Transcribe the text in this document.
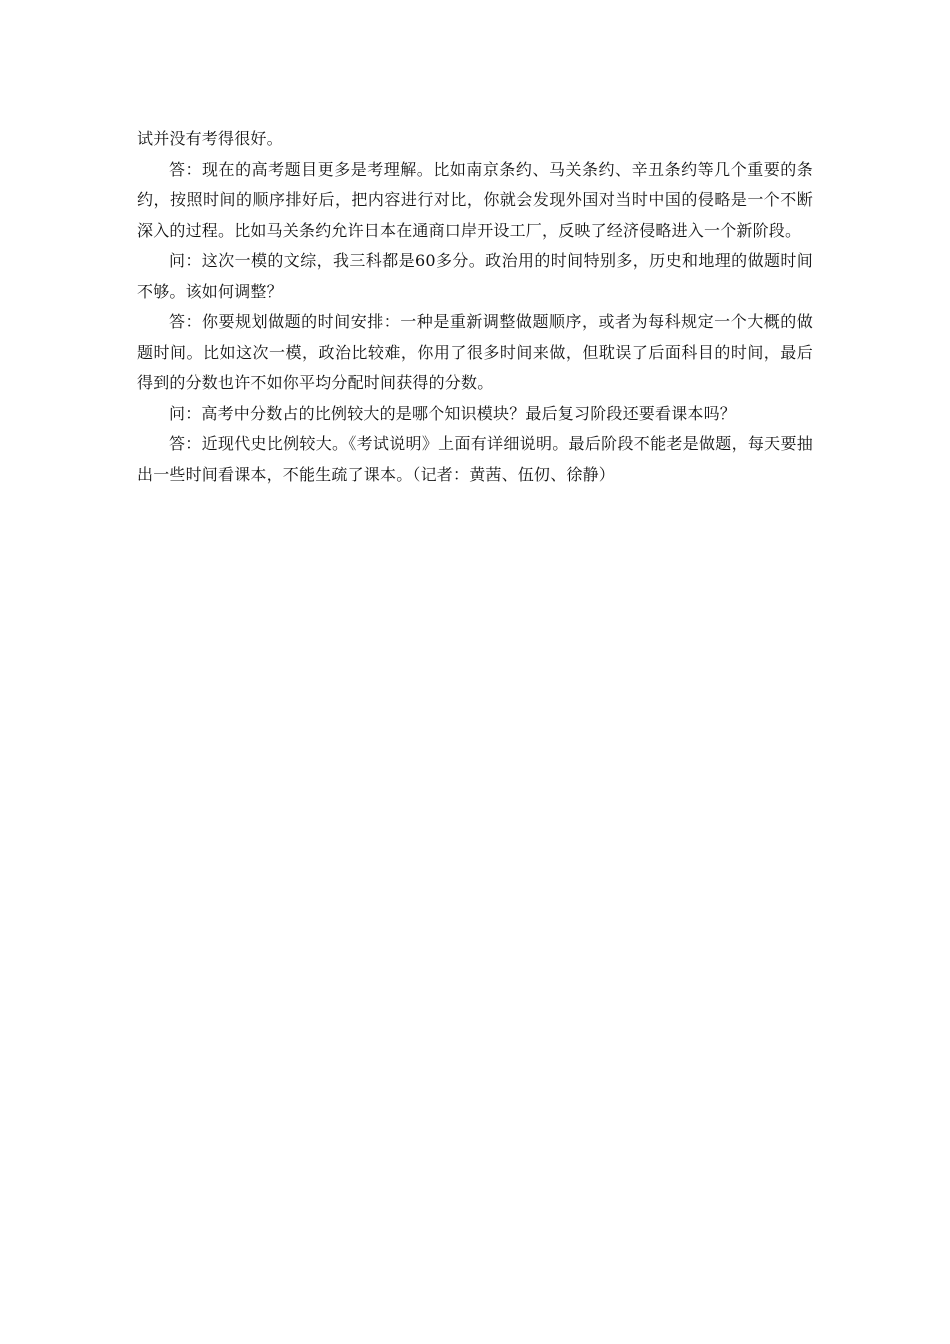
试并没有考得很好。

答：现在的高考题目更多是考理解。比如南京条约、马关条约、辛丑条约等几个重要的条约，按照时间的顺序排好后，把内容进行对比，你就会发现外国对当时中国的侵略是一个不断深入的过程。比如马关条约允许日本在通商口岸开设工厂，反映了经济侵略进入一个新阶段。

问：这次一模的文综，我三科都是60多分。政治用的时间特别多，历史和地理的做题时间不够。该如何调整？

答：你要规划做题的时间安排：一种是重新调整做题顺序，或者为每科规定一个大概的做题时间。比如这次一模，政治比较难，你用了很多时间来做，但耽误了后面科目的时间，最后得到的分数也许不如你平均分配时间获得的分数。

问：高考中分数占的比例较大的是哪个知识模块？最后复习阶段还要看课本吗？

答：近现代史比例较大。《考试说明》上面有详细说明。最后阶段不能老是做题，每天要抽出一些时间看课本，不能生疏了课本。（记者：黄茜、伍仞、徐静）
